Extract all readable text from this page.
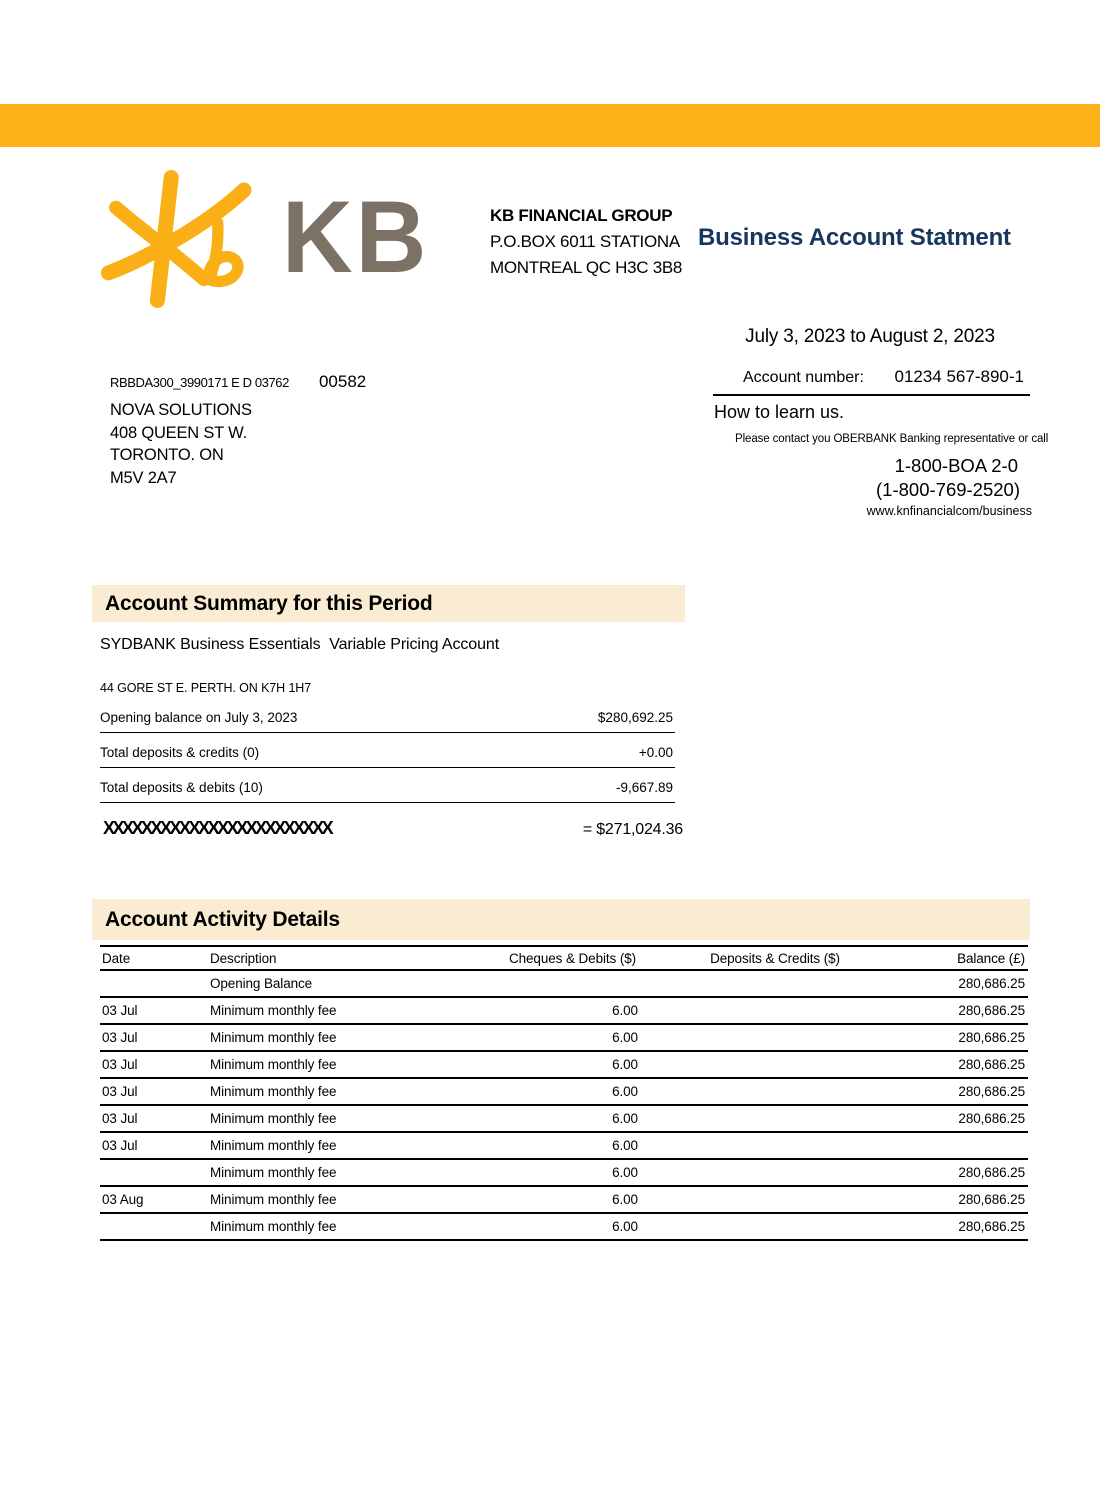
KB	KB FINANCIAL GROUP
P.O.BOX 6011 STATIONA
MONTREAL QC H3C 3B8
Business Account Statment
July 3, 2023 to August 2, 2023
Account number: 01234 567-890-1
How to learn us.
Please contact you OBERBANK Banking representative or call
1-800-BOA 2-0
(1-800-769-2520)
www.knfinancialcom/business
RBBDA300_3990171 E D 03762 00582
NOVA SOLUTIONS
408 QUEEN ST W.
TORONTO. ON
M5V 2A7
Account Summary for this Period
SYDBANK Business Essentials  Variable Pricing Account
44 GORE ST E. PERTH. ON K7H 1H7
Opening balance on July 3, 2023	$280,692.25
Total deposits & credits (0)	+0.00
Total deposits & debits (10)	-9,667.89
XXXXXXXXXXXXXXXXXXXXXXXX	= $271,024.36
Account Activity Details
Date	Description	Cheques & Debits ($)	Deposits & Credits ($)	Balance (£)
	Opening Balance			280,686.25
03 Jul	Minimum monthly fee	6.00		280,686.25
03 Jul	Minimum monthly fee	6.00		280,686.25
03 Jul	Minimum monthly fee	6.00		280,686.25
03 Jul	Minimum monthly fee	6.00		280,686.25
03 Jul	Minimum monthly fee	6.00		280,686.25
03 Jul	Minimum monthly fee	6.00		
	Minimum monthly fee	6.00		280,686.25
03 Aug	Minimum monthly fee	6.00		280,686.25
	Minimum monthly fee	6.00		280,686.25
